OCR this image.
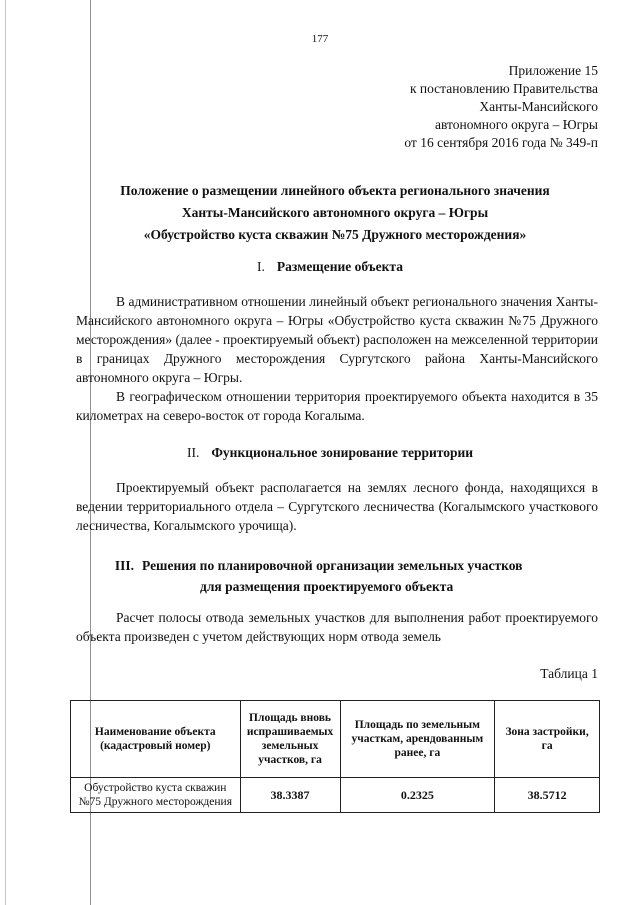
177
Приложение 15
к постановлению Правительства
Ханты-Мансийского
автономного округа – Югры
от 16 сентября 2016 года № 349-п
Положение о размещении линейного объекта регионального значения
Ханты-Мансийского автономного округа – Югры
«Обустройство куста скважин №75 Дружного месторождения»
I. Размещение объекта

В административном отношении линейный объект регионального значения Ханты-Мансийского автономного округа – Югры «Обустройство куста скважин №75 Дружного месторождения» (далее - проектируемый объект) расположен на межселенной территории в границах Дружного месторождения Сургутского района Ханты-Мансийского автономного округа – Югры.

В географическом отношении территория проектируемого объекта находится в 35 километрах на северо-восток от города Когалыма.

II. Функциональное зонирование территории

Проектируемый объект располагается на землях лесного фонда, находящихся в ведении территориального отдела – Сургутского лесничества (Когалымского участкового лесничества, Когалымского урочища).

III. Решения по планировочной организации земельных участков
для размещения проектируемого объекта

Расчет полосы отвода земельных участков для выполнения работ проектируемого объекта произведен с учетом действующих норм отвода земель

Таблица 1
Наименование объекта (кадастровый номер)	Площадь вновь испрашиваемых земельных участков, га	Площадь по земельным участкам, арендованным ранее, га	Зона застройки, га
Обустройство куста скважин №75 Дружного месторождения	38.3387	0.2325	38.5712
